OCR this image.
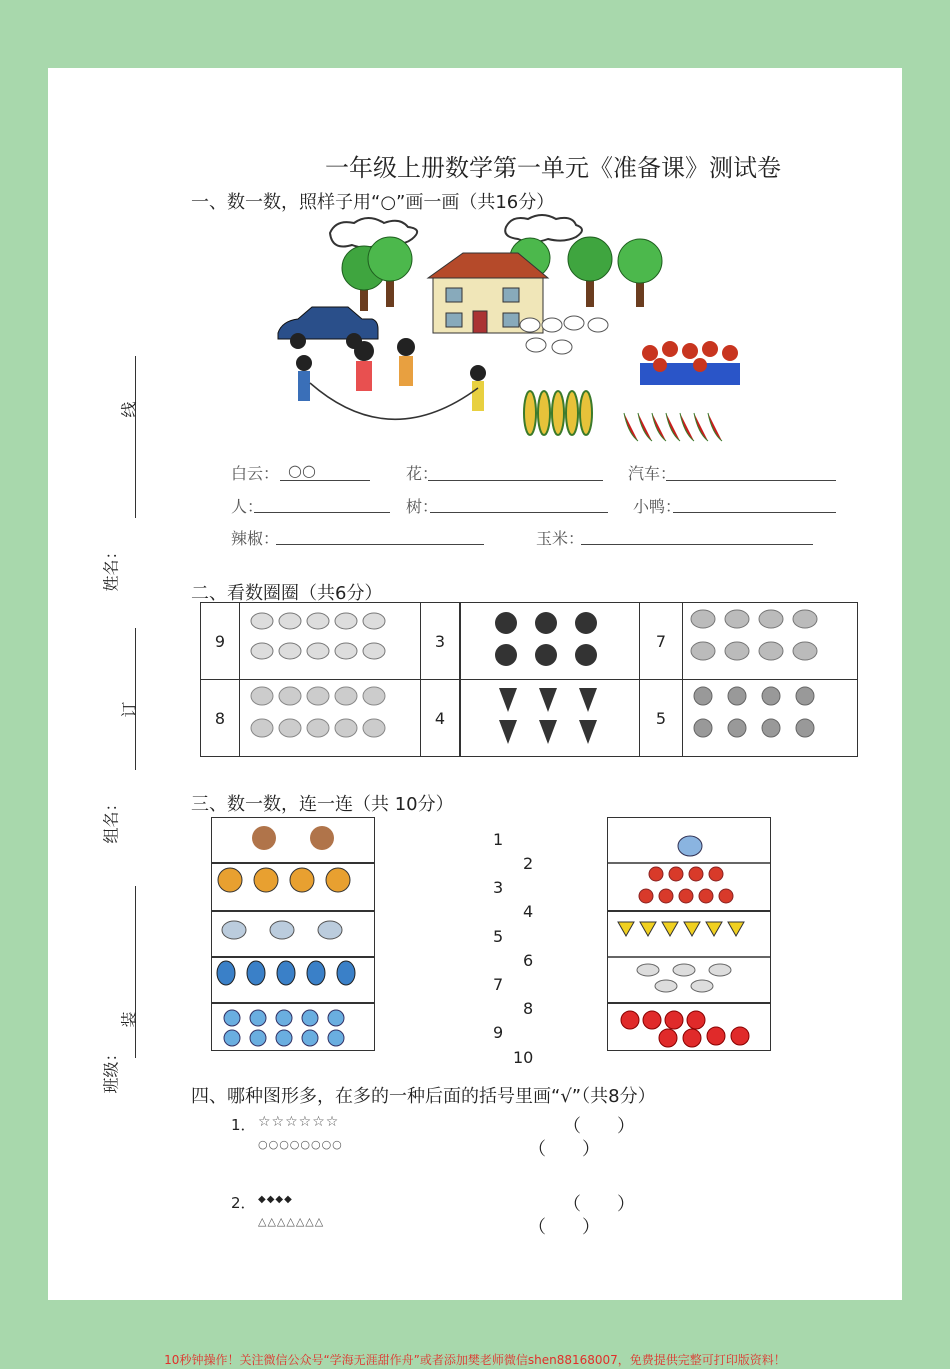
一年级上册数学第一单元《准备课》测试卷
线
姓名：
订
组名：
装
班级：
一、数一数，照样子用“○”画一画（共16分）
白云： ○○	花：	汽车：
人：	树：	小鸭：
辣椒：	玉米：
二、看数圈圈（共6分）
9		3		7	
8		4		5	
三、数一数，连一连（共 10分）
1
2
3
4
5
6
7
8
9
10
四、哪种图形多，在多的一种后面的括号里画“√”（共8分）
1． ☆☆☆☆☆☆
○○○○○○○○
（　　）
（　　）
2． ◆◆◆◆
△△△△△△△
（　　）
（　　）
10秒钟操作！关注微信公众号“学海无涯甜作舟”或者添加樊老师微信shen88168007，免费提供完整可打印版资料！
